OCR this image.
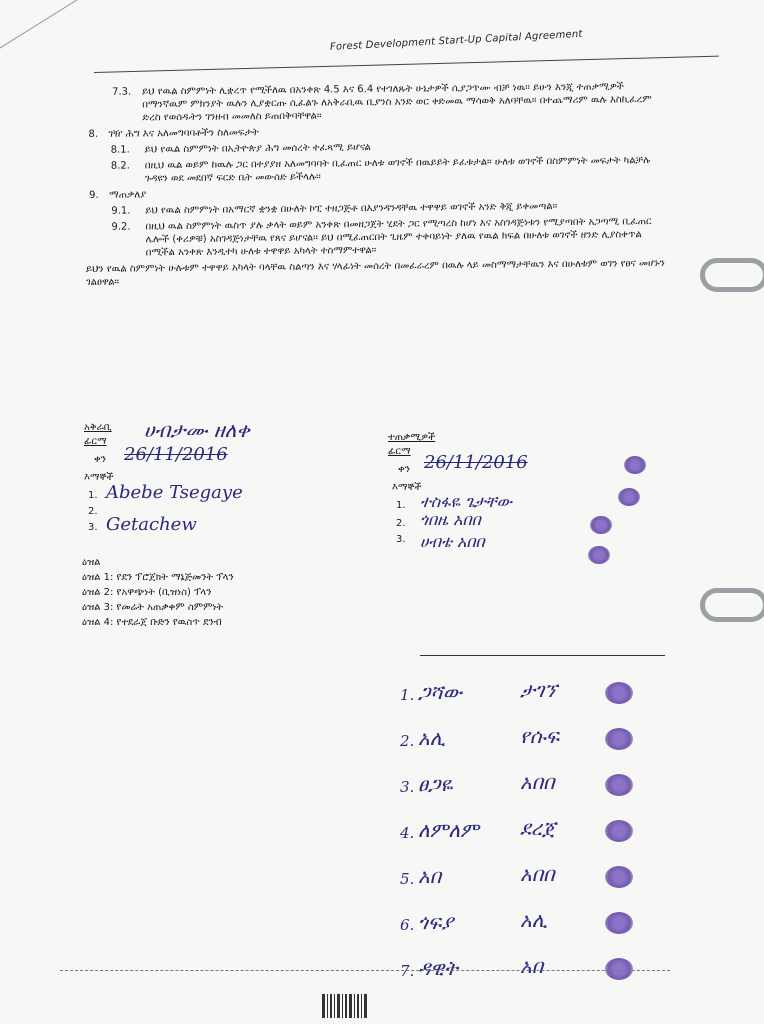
Forest Development Start-Up Capital Agreement
7.3. ይህ የዉል ስምምነት ሊቋረጥ የሚችለዉ በአንቀጽ 4.5 እና 6.4 የተገለጹት ሁኔታዎች ሲያጋጥሙ ብቻ ነዉ። ይሁን እንጂ ተጠቃሚዎች በማንኛዉም ምክንያት ዉሉን ሊያቋርጡ ሲፈልጉ ለአቅራቢዉ ቢያንስ አንድ ወር ቀድመዉ ማሳወቅ አለባቸዉ። በተጨማሪም ዉሉ እስኪፈረም ድረስ የወሰዱትን ገንዘብ መመለስ ይጠበቅባቸዋል።
8. ገዥ ሕግ እና አለመግባባቶችን ስለመፍታት
8.1. ይህ የዉል ስምምነት በኢትዮጵያ ሕግ መሰረት ተፈጻሚ ይሆናል
8.2. በዚህ ዉል ወይም ከዉሉ ጋር በተያያዘ አለመግባባት ቢፈጠር ሁለቱ ወገኖች በዉይይት ይፈቱታል። ሁለቱ ወገኖች በስምምነት መፍታት ካልቻሉ ጉዳዩን ወደ መደበኛ ፍርድ ቤት መውሰድ ይችላሉ።
9. ማጠቃለያ
9.1. ይህ የዉል ስምምነት በአማርኛ ቋንቋ በሁለት ኮፒ ተዘጋጅቶ በእያንዳንዳቸዉ ተዋዋይ ወገኖች አንድ ቅጂ ይቀመጣል።
9.2. በዚህ ዉል ስምምነት ዉስጥ ያሉ ቃላት ወይም አንቀጽ በመዘጋጀት ሂደት ጋር የሚጣረስ ከሆነ እና አስገዳጅነቱን የሚያጣበት አጋጣሚ ቢፈጠር ሌሎች (ቀሪዎቹ) አስገዳጅነታቸዉ የጸና ይሆናል። ይህ በሚፈጠርበት ጊዜም ተቀባይነት ያለዉ የዉል ክፍል በሁለቱ ወገኖች ዘንድ ሊያስቀጥል በሚችል አንቀጽ እንዲተካ ሁለቱ ተዋዋይ አካላት ተስማምተዋል።
ይህን የዉል ስምምነት ሁሉቱም ተዋዋይ አካላት ባላቸዉ ስልጣን እና ሃላፊነት መሰረት በመፈራረም በዉሉ ላይ መስማማታቸዉን እና በሁለቱም ወገን የፀና መሆኑን ገልፀዋል።
አቅራቢ
ፊርማ ሀብታሙ ዘለቀ
ቀን 26/11/2016
እማኞች
1. Abebe Tsegaye
2.
3. Getachew
ተጠቃሚዎች
ፊርማ
ቀን 26/11/2016
እማኞች
1. ተስፋዬ ጌታቸው
2. ጎበዜ አበበ
3. ሀብቴ አበበ
ዕዝል
ዕዝል 1: የደን ፕሮጀክት ማኔጅመንት ፕላን
ዕዝል 2: የአዋጭነት (ቢዝነስ) ፕላን
ዕዝል 3: የመሬት አጠቃቀም ስምምነት
ዕዝል 4: የተደራጀ ቡድን የዉስጥ ደንብ
1. ጋሻው	ታገኘ
2. አሊ	የሱፍ
3. ፀጋዬ	አበበ
4. ለምለም ደረጀ
5. አበ	አበበ
6. ጎፍያ	አሊ
7. ዳዊት	አበ
